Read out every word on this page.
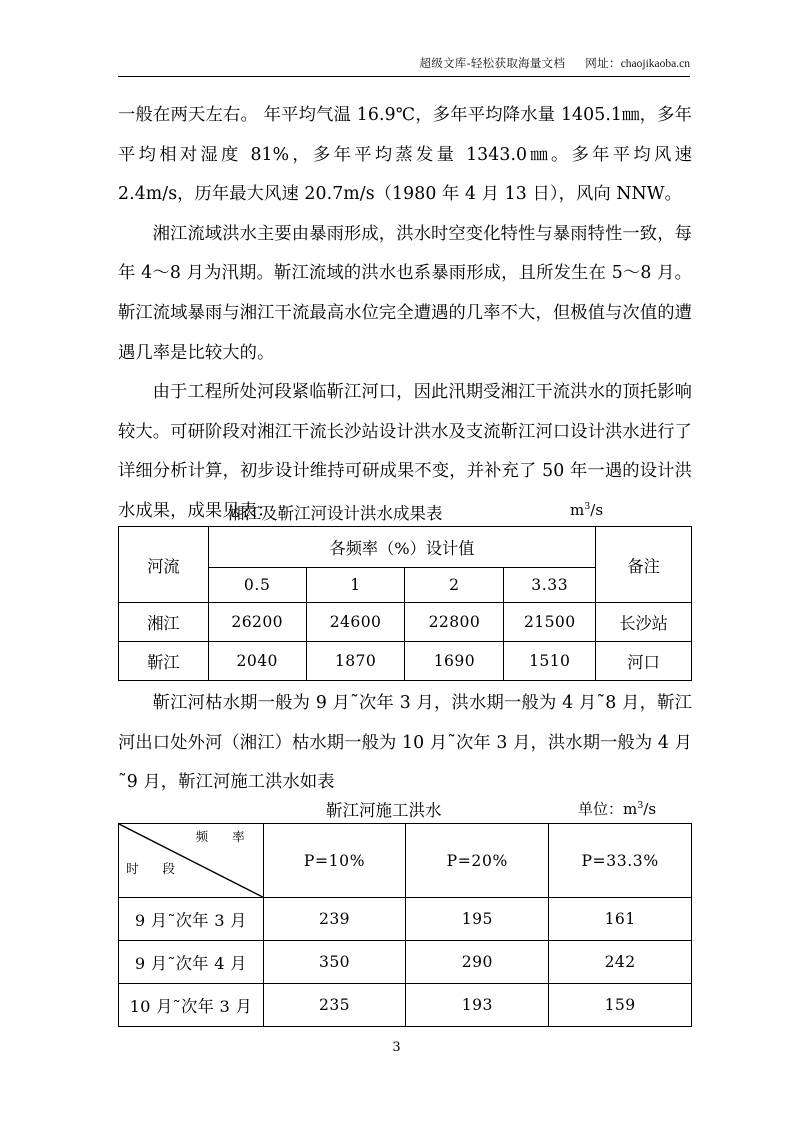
超级文库-轻松获取海量文档 网址：chaojikaoba.cn

一般在两天左右。 年平均气温 16.9℃，多年平均降水量 1405.1㎜，多年平均相对湿度 81%，多年平均蒸发量 1343.0㎜。多年平均风速 2.4m/s，历年最大风速 20.7m/s（1980 年 4 月 13 日），风向 NNW。

湘江流域洪水主要由暴雨形成，洪水时空变化特性与暴雨特性一致，每年 4～8 月为汛期。靳江流域的洪水也系暴雨形成，且所发生在 5～8 月。靳江流域暴雨与湘江干流最高水位完全遭遇的几率不大，但极值与次值的遭遇几率是比较大的。

由于工程所处河段紧临靳江河口，因此汛期受湘江干流洪水的顶托影响较大。可研阶段对湘江干流长沙站设计洪水及支流靳江河口设计洪水进行了详细分析计算，初步设计维持可研成果不变，并补充了 50 年一遇的设计洪水成果，成果见表：

湘江及靳江河设计洪水成果表	$m^3/s$
河流	各频率（%）设计值				备注
	0.5	1	2	3.33	
湘江	26200	24600	22800	21500	长沙站
靳江	2040	1870	1690	1510	河口

靳江河枯水期一般为 9 月˜次年 3 月，洪水期一般为 4 月˜8 月，靳江河出口处外河（湘江）枯水期一般为 10 月˜次年 3 月，洪水期一般为 4 月˜9 月，靳江河施工洪水如表

靳江河施工洪水	单位：$m^3/s$
频 率
时 段	P=10%	P=20%	P=33.3%
9 月˜次年 3 月	239	195	161
9 月˜次年 4 月	350	290	242
10 月˜次年 3 月	235	193	159
3
